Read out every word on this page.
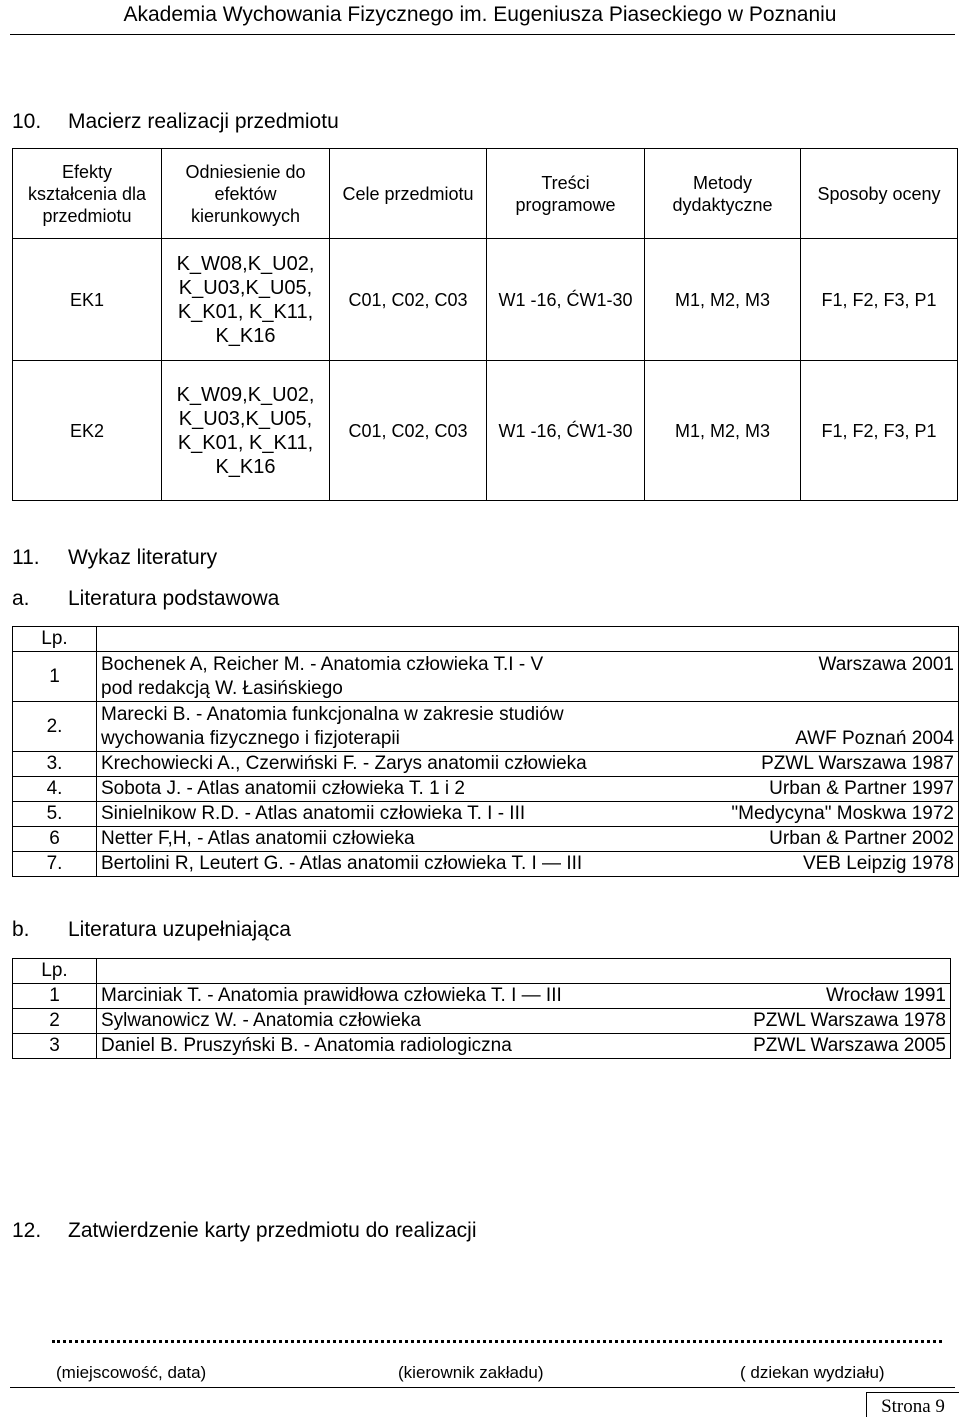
Akademia Wychowania Fizycznego im. Eugeniusza Piaseckiego w Poznaniu
10. Macierz realizacji przedmiotu
Efekty kształcenia dla przedmiotu	Odniesienie do efektów kierunkowych	Cele przedmiotu	Treści programowe	Metody dydaktyczne	Sposoby oceny
EK1	K_W08,K_U02, K_U03,K_U05, K_K01, K_K11, K_K16	C01, C02, C03	W1 -16, ĆW1-30	M1, M2, M3	F1, F2, F3, P1
EK2	K_W09,K_U02, K_U03,K_U05, K_K01, K_K11, K_K16	C01, C02, C03	W1 -16, ĆW1-30	M1, M2, M3	F1, F2, F3, P1
11. Wykaz literatury
a. Literatura podstawowa
Lp.	
1	Bochenek A, Reicher M. - Anatomia człowieka T.I - V Warszawa 2001
pod redakcją W. Łasińskiego

2.	Marecki B. - Anatomia funkcjonalna w zakresie studiów
wychowania fizycznego i fizjoterapii AWF Poznań 2004

3.	Krechowiecki A., Czerwiński F. - Zarys anatomii człowieka PZWL Warszawa 1987

4.	Sobota J. - Atlas anatomii człowieka T. 1 i 2 Urban & Partner 1997

5.	Sinielnikow R.D. - Atlas anatomii człowieka T. I - III "Medycyna" Moskwa 1972

6	Netter F,H, - Atlas anatomii człowieka Urban & Partner 2002

7.	Bertolini R, Leutert G. - Atlas anatomii człowieka T. I — III VEB Leipzig 1978
b. Literatura uzupełniająca
Lp.	
1	Marciniak T. - Anatomia prawidłowa człowieka T. I — III Wrocław 1991

2	Sylwanowicz W. - Anatomia człowieka PZWL Warszawa 1978

3	Daniel B. Pruszyński B. - Anatomia radiologiczna PZWL Warszawa 2005
12. Zatwierdzenie karty przedmiotu do realizacji
(miejscowość, data)	(kierownik zakładu)	( dziekan wydziału)
Strona 9
